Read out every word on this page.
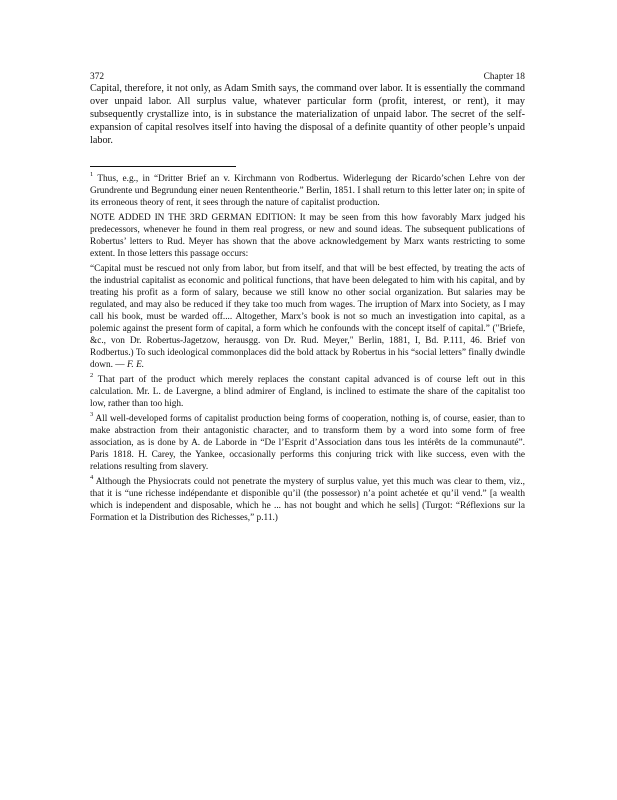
372	Chapter 18

Capital, therefore, it not only, as Adam Smith says, the command over labor. It is essentially the command over unpaid labor. All surplus value, whatever particular form (profit, interest, or rent), it may subsequently crystallize into, is in substance the materialization of unpaid labor. The secret of the self-expansion of capital resolves itself into having the disposal of a definite quantity of other people’s unpaid labor.

$^1$ Thus, e.g., in “Dritter Brief an v. Kirchmann von Rodbertus. Widerlegung der Ricardo’schen Lehre von der Grundrente und Begrundung einer neuen Rententheorie.” Berlin, 1851. I shall return to this letter later on; in spite of its erroneous theory of rent, it sees through the nature of capitalist production.

NOTE ADDED IN THE 3RD GERMAN EDITION: It may be seen from this how favorably Marx judged his predecessors, whenever he found in them real progress, or new and sound ideas. The subsequent publications of Robertus’ letters to Rud. Meyer has shown that the above acknowledgement by Marx wants restricting to some extent. In those letters this passage occurs:

“Capital must be rescued not only from labor, but from itself, and that will be best effected, by treating the acts of the industrial capitalist as economic and political functions, that have been delegated to him with his capital, and by treating his profit as a form of salary, because we still know no other social organization. But salaries may be regulated, and may also be reduced if they take too much from wages. The irruption of Marx into Society, as I may call his book, must be warded off.... Altogether, Marx’s book is not so much an investigation into capital, as a polemic against the present form of capital, a form which he confounds with the concept itself of capital.” ("Briefe, &c., von Dr. Robertus-Jagetzow, herausgg. von Dr. Rud. Meyer," Berlin, 1881, I, Bd. P.111, 46. Brief von Rodbertus.) To such ideological commonplaces did the bold attack by Robertus in his “social letters” finally dwindle down. — F. E.

$^2$ That part of the product which merely replaces the constant capital advanced is of course left out in this calculation. Mr. L. de Lavergne, a blind admirer of England, is inclined to estimate the share of the capitalist too low, rather than too high.

$^3$ All well-developed forms of capitalist production being forms of cooperation, nothing is, of course, easier, than to make abstraction from their antagonistic character, and to transform them by a word into some form of free association, as is done by A. de Laborde in “De l’Esprit d’Association dans tous les intérêts de la communauté”. Paris 1818. H. Carey, the Yankee, occasionally performs this conjuring trick with like success, even with the relations resulting from slavery.

$^4$ Although the Physiocrats could not penetrate the mystery of surplus value, yet this much was clear to them, viz., that it is “une richesse indépendante et disponible qu’il (the possessor) n’a point achetée et qu’il vend.” [a wealth which is independent and disposable, which he ... has not bought and which he sells] (Turgot: “Réflexions sur la Formation et la Distribution des Richesses,” p.11.)
